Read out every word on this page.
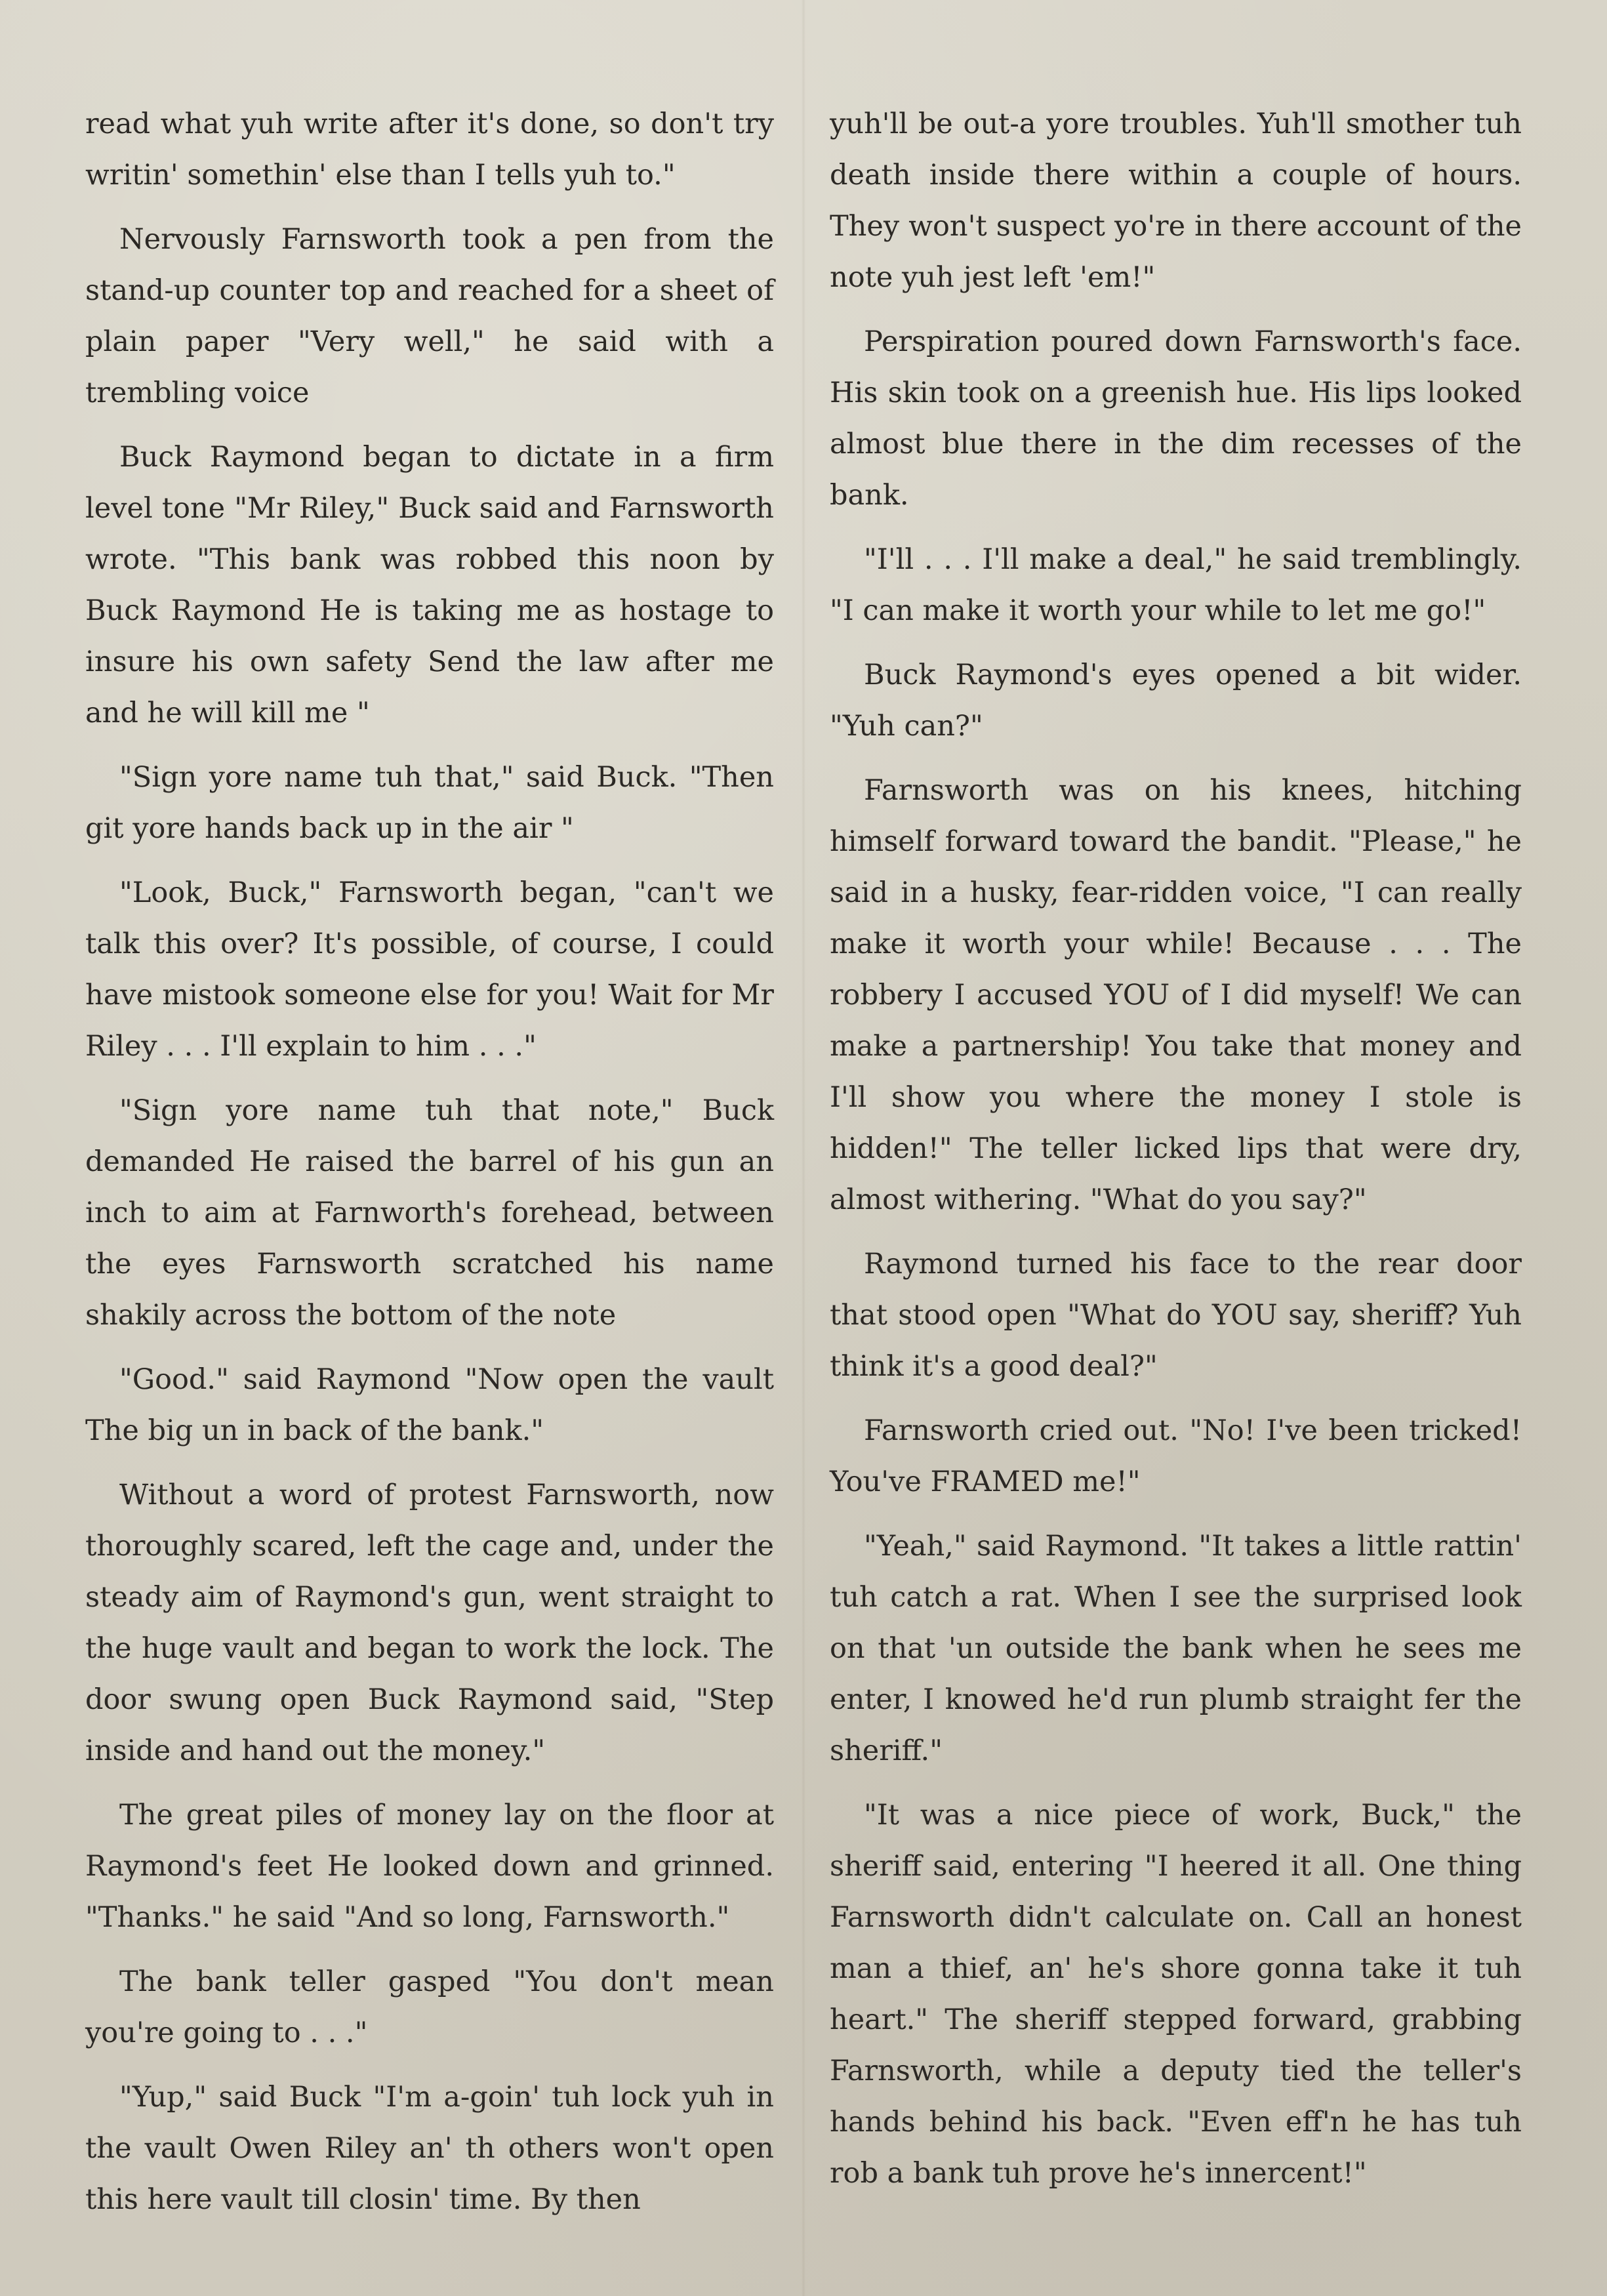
read what yuh write after it's done, so don't try writin' somethin' else than I tells yuh to."

Nervously Farnsworth took a pen from the stand-up counter top and reached for a sheet of plain paper "Very well," he said with a trembling voice

Buck Raymond began to dictate in a firm level tone "Mr Riley," Buck said and Farnsworth wrote. "This bank was robbed this noon by Buck Raymond He is taking me as hostage to insure his own safety Send the law after me and he will kill me "

"Sign yore name tuh that," said Buck. "Then git yore hands back up in the air "

"Look, Buck," Farnsworth began, "can't we talk this over? It's possible, of course, I could have mistook someone else for you! Wait for Mr Riley . . . I'll explain to him . . ."

"Sign yore name tuh that note," Buck demanded He raised the barrel of his gun an inch to aim at Farnworth's forehead, between the eyes Farnsworth scratched his name shakily across the bottom of the note

"Good." said Raymond "Now open the vault The big un in back of the bank."

Without a word of protest Farnsworth, now thoroughly scared, left the cage and, under the steady aim of Raymond's gun, went straight to the huge vault and began to work the lock. The door swung open Buck Raymond said, "Step inside and hand out the money."

The great piles of money lay on the floor at Raymond's feet He looked down and grinned. "Thanks." he said "And so long, Farnsworth."

The bank teller gasped "You don't mean you're going to . . ."

"Yup," said Buck "I'm a-goin' tuh lock yuh in the vault Owen Riley an' th others won't open this here vault till closin' time. By then

yuh'll be out-a yore troubles. Yuh'll smother tuh death inside there within a couple of hours. They won't suspect yo're in there account of the note yuh jest left 'em!"

Perspiration poured down Farnsworth's face. His skin took on a greenish hue. His lips looked almost blue there in the dim recesses of the bank.

"I'll . . . I'll make a deal," he said tremblingly. "I can make it worth your while to let me go!"

Buck Raymond's eyes opened a bit wider. "Yuh can?"

Farnsworth was on his knees, hitching himself forward toward the bandit. "Please," he said in a husky, fear-ridden voice, "I can really make it worth your while! Because . . . The robbery I accused YOU of I did myself! We can make a partnership! You take that money and I'll show you where the money I stole is hidden!" The teller licked lips that were dry, almost withering. "What do you say?"

Raymond turned his face to the rear door that stood open "What do YOU say, sheriff? Yuh think it's a good deal?"

Farnsworth cried out. "No! I've been tricked! You've FRAMED me!"

"Yeah," said Raymond. "It takes a little rattin' tuh catch a rat. When I see the surprised look on that 'un outside the bank when he sees me enter, I knowed he'd run plumb straight fer the sheriff."

"It was a nice piece of work, Buck," the sheriff said, entering "I heered it all. One thing Farnsworth didn't calculate on. Call an honest man a thief, an' he's shore gonna take it tuh heart." The sheriff stepped forward, grabbing Farnsworth, while a deputy tied the teller's hands behind his back. "Even eff'n he has tuh rob a bank tuh prove he's innercent!"
